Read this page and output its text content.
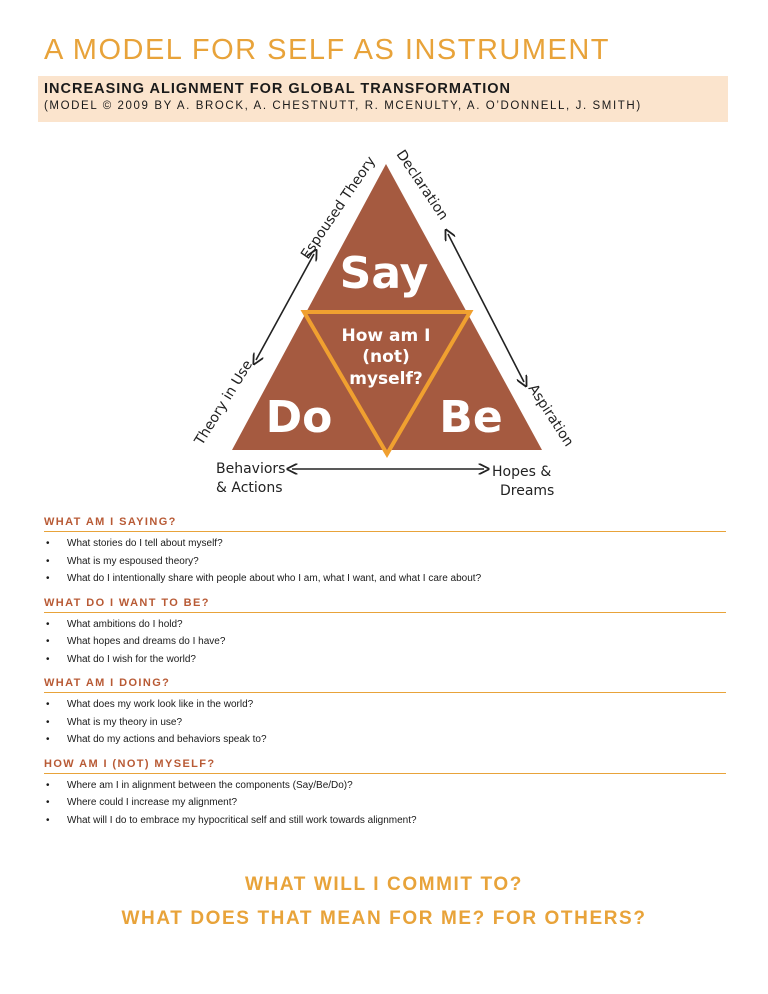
A MODEL FOR SELF AS INSTRUMENT

INCREASING ALIGNMENT FOR GLOBAL TRANSFORMATION

(MODEL © 2009 BY A. BROCK, A. CHESTNUTT, R. MCENULTY, A. O’DONNELL, J. SMITH)

Say
Do Be
How am I
(not)
myself?
Theory in Use
Espoused Theory Declaration
Aspiration
Behaviors
& Actions
Hopes &
Dreams
WHAT AM I SAYING?
• What stories do I tell about myself?
• What is my espoused theory?
• What do I intentionally share with people about who I am, what I want, and what I care about?
WHAT DO I WANT TO BE?
• What ambitions do I hold?
• What hopes and dreams do I have?
• What do I wish for the world?
WHAT AM I DOING?
• What does my work look like in the world?
• What is my theory in use?
• What do my actions and behaviors speak to?
HOW AM I (NOT) MYSELF?
• Where am I in alignment between the components (Say/Be/Do)?
• Where could I increase my alignment?
• What will I do to embrace my hypocritical self and still work towards alignment?

WHAT WILL I COMMIT TO?

WHAT DOES THAT MEAN FOR ME? FOR OTHERS?
